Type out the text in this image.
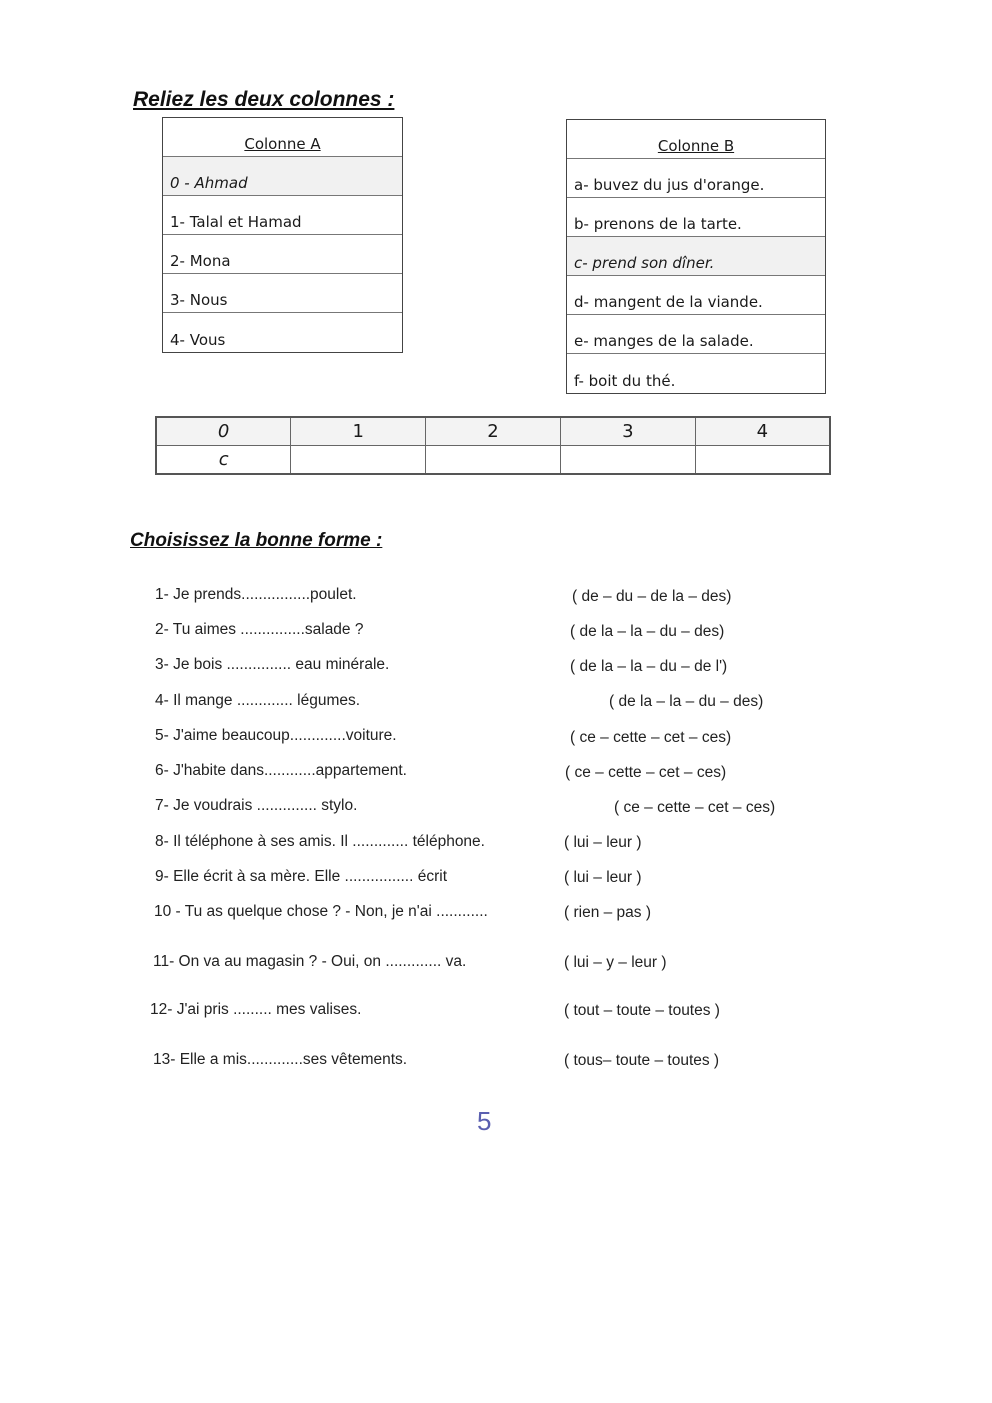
Reliez les deux colonnes :
Colonne A
0 - Ahmad
1- Talal et Hamad
2- Mona
3- Nous
4- Vous
Colonne B
a- buvez du jus d'orange.
b- prenons de la tarte.
c- prend son dîner.
d- mangent de la viande.
e- manges de la salade.
f- boit du thé.
0	1	2	3	4
c				
Choisissez la bonne forme :
1- Je prends................poulet.	( de – du – de la – des)
2- Tu aimes ...............salade ?	( de la – la – du – des)
3- Je bois ............... eau minérale.	( de la – la – du – de l')
4- Il mange ............. légumes.	( de la – la – du – des)
5- J'aime beaucoup.............voiture.	( ce – cette – cet – ces)
6- J'habite dans............appartement.	( ce – cette – cet – ces)
7- Je voudrais .............. stylo.	( ce – cette – cet – ces)
8- Il téléphone à ses amis. Il ............. téléphone.	( lui – leur )
9- Elle écrit à sa mère. Elle ................ écrit	( lui – leur )
10 - Tu as quelque chose ? - Non, je n'ai ............	( rien – pas )
11- On va au magasin ? - Oui, on ............. va.	( lui – y – leur )
12- J'ai pris ......... mes valises.	( tout – toute – toutes )
13- Elle a mis.............ses vêtements.	( tous– toute – toutes )
5
